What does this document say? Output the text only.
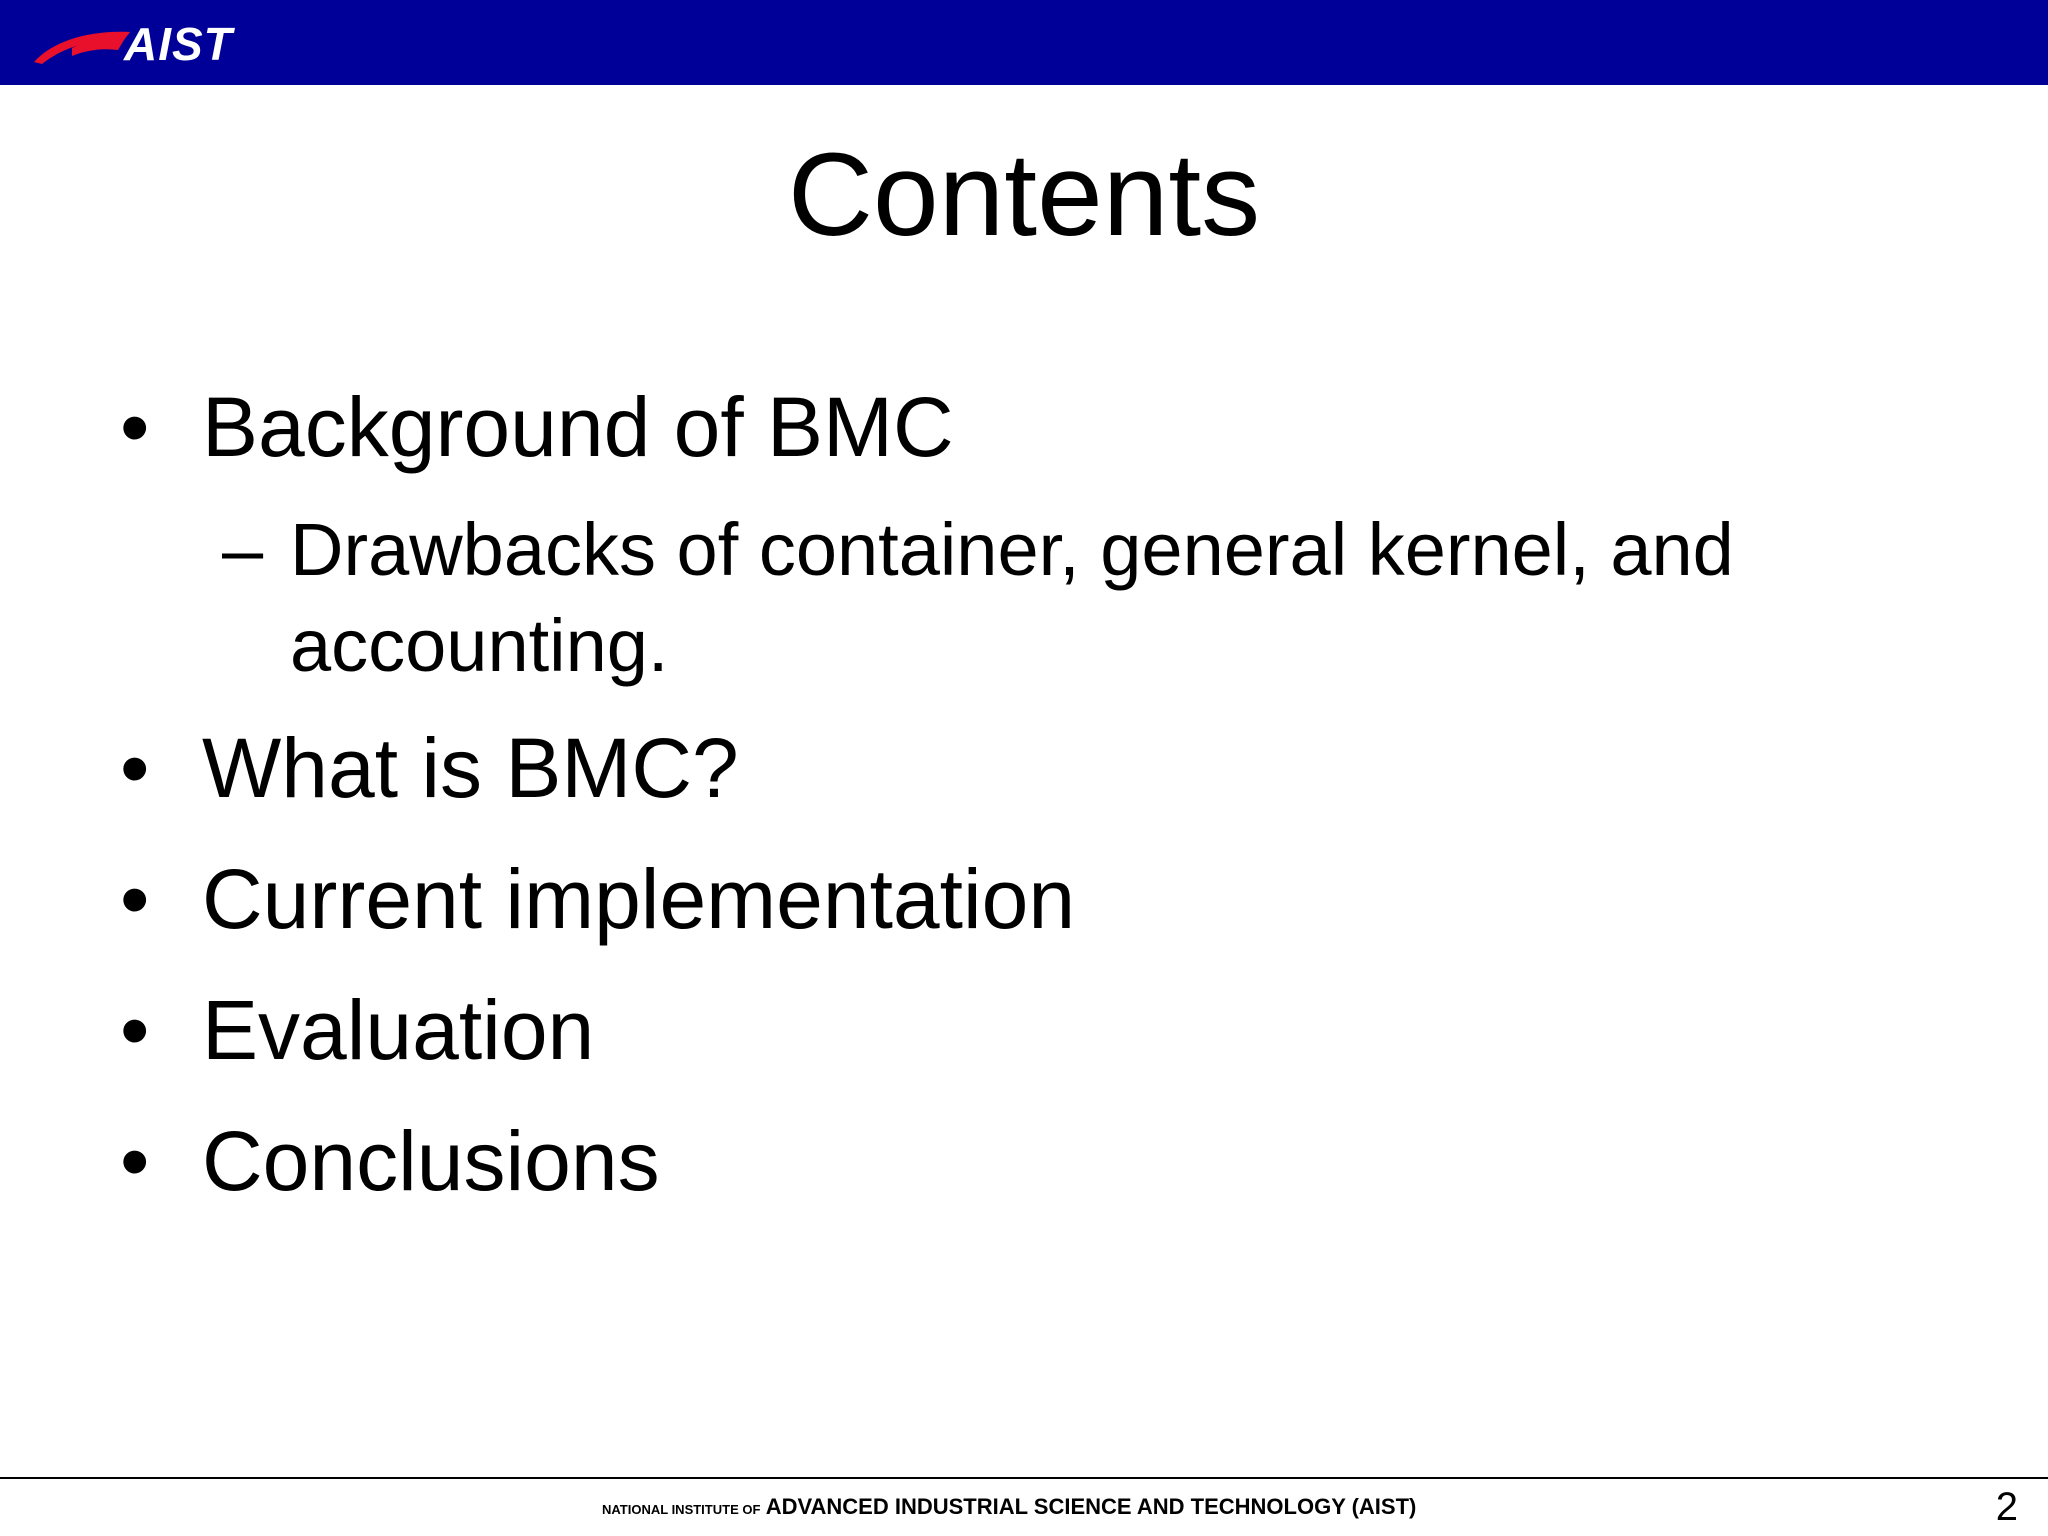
AIST
Contents
• Background of BMC
– Drawbacks of container, general kernel, and accounting.
• What is BMC?
• Current implementation
• Evaluation
• Conclusions
NATIONAL INSTITUTE OF ADVANCED INDUSTRIAL SCIENCE AND TECHNOLOGY (AIST)	2
